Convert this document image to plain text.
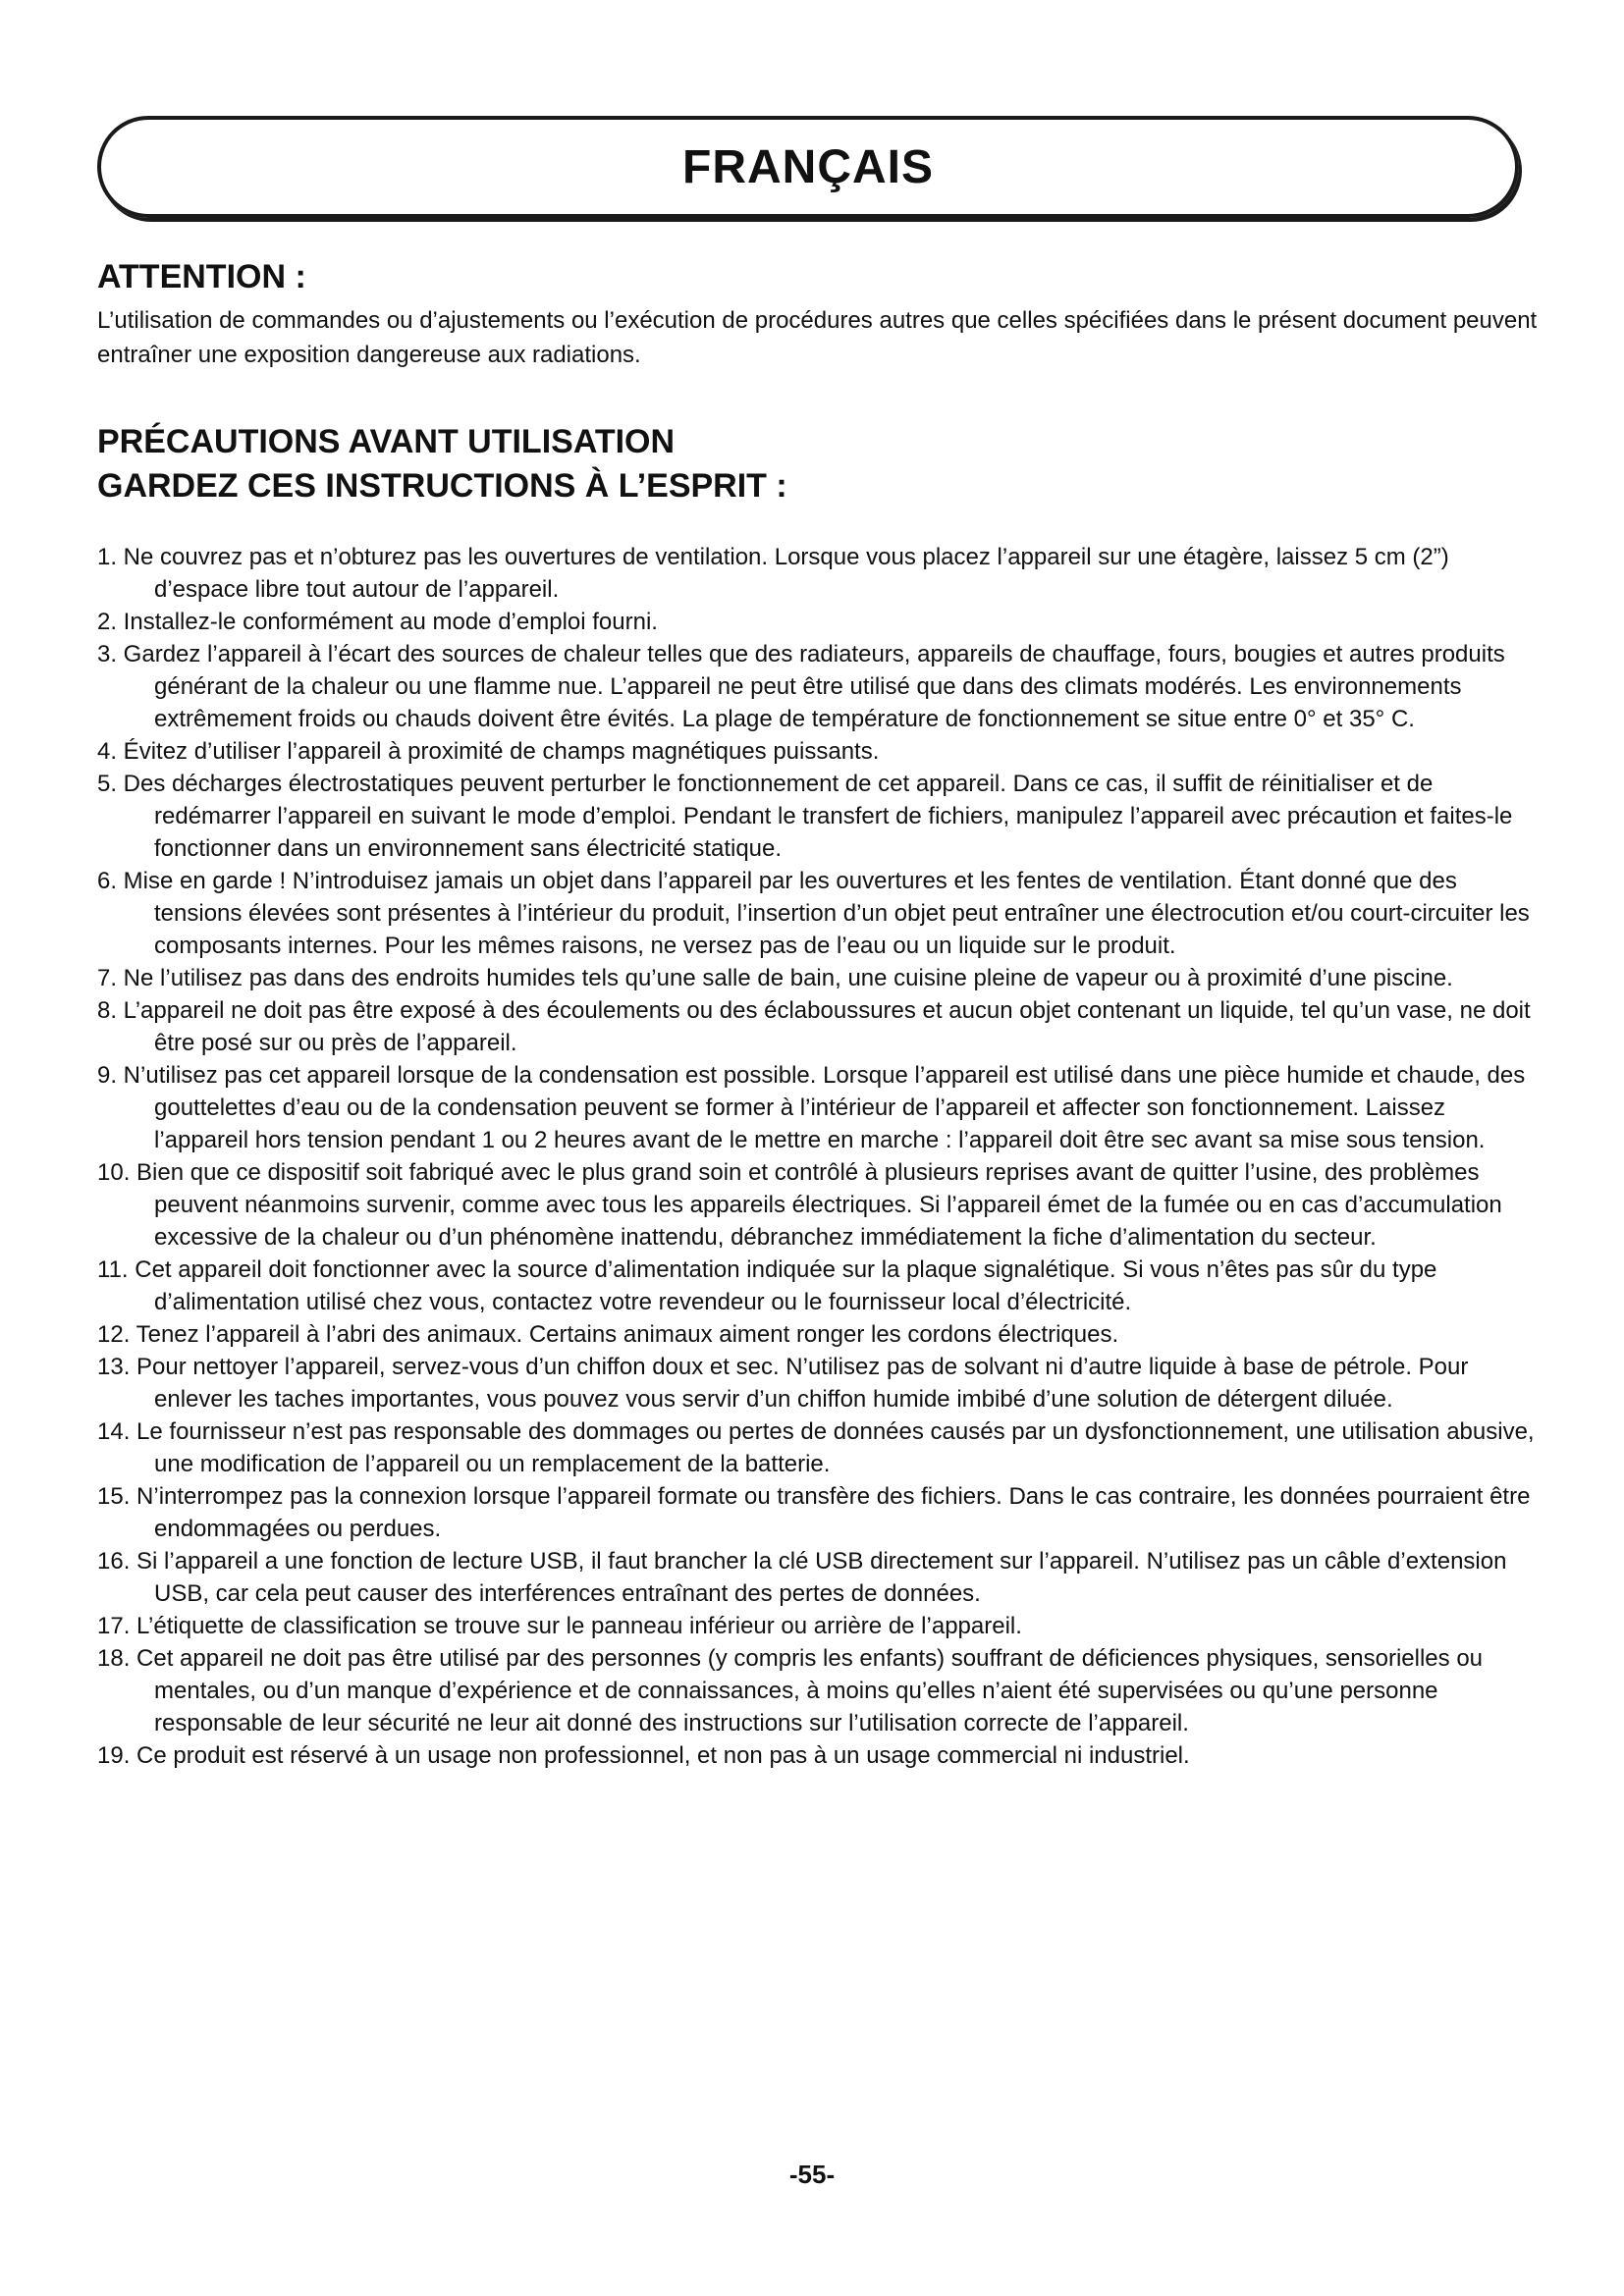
FRANÇAIS
ATTENTION :
L’utilisation de commandes ou d’ajustements ou l’exécution de procédures autres que celles spécifiées dans le présent document peuvent entraîner une exposition dangereuse aux radiations.
PRÉCAUTIONS AVANT UTILISATION
GARDEZ CES INSTRUCTIONS À L’ESPRIT :
1. Ne couvrez pas et n’obturez pas les ouvertures de ventilation. Lorsque vous placez l’appareil sur une étagère, laissez 5 cm (2”) d’espace libre tout autour de l’appareil.
2. Installez-le conformément au mode d’emploi fourni.
3. Gardez l’appareil à l’écart des sources de chaleur telles que des radiateurs, appareils de chauffage, fours, bougies et autres produits générant de la chaleur ou une flamme nue. L’appareil ne peut être utilisé que dans des climats modérés. Les environnements extrêmement froids ou chauds doivent être évités. La plage de température de fonctionnement se situe entre 0° et 35° C.
4. Évitez d’utiliser l’appareil à proximité de champs magnétiques puissants.
5. Des décharges électrostatiques peuvent perturber le fonctionnement de cet appareil. Dans ce cas, il suffit de réinitialiser et de redémarrer l’appareil en suivant le mode d’emploi. Pendant le transfert de fichiers, manipulez l’appareil avec précaution et faites-le fonctionner dans un environnement sans électricité statique.
6. Mise en garde ! N’introduisez jamais un objet dans l’appareil par les ouvertures et les fentes de ventilation. Étant donné que des tensions élevées sont présentes à l’intérieur du produit, l’insertion d’un objet peut entraîner une électrocution et/ou court-circuiter les composants internes. Pour les mêmes raisons, ne versez pas de l’eau ou un liquide sur le produit.
7. Ne l’utilisez pas dans des endroits humides tels qu’une salle de bain, une cuisine pleine de vapeur ou à proximité d’une piscine.
8. L’appareil ne doit pas être exposé à des écoulements ou des éclaboussures et aucun objet contenant un liquide, tel qu’un vase, ne doit être posé sur ou près de l’appareil.
9. N’utilisez pas cet appareil lorsque de la condensation est possible. Lorsque l’appareil est utilisé dans une pièce humide et chaude, des gouttelettes d’eau ou de la condensation peuvent se former à l’intérieur de l’appareil et affecter son fonctionnement. Laissez l’appareil hors tension pendant 1 ou 2 heures avant de le mettre en marche : l’appareil doit être sec avant sa mise sous tension.
10. Bien que ce dispositif soit fabriqué avec le plus grand soin et contrôlé à plusieurs reprises avant de quitter l’usine, des problèmes peuvent néanmoins survenir, comme avec tous les appareils électriques. Si l’appareil émet de la fumée ou en cas d’accumulation excessive de la chaleur ou d’un phénomène inattendu, débranchez immédiatement la fiche d’alimentation du secteur.
11. Cet appareil doit fonctionner avec la source d’alimentation indiquée sur la plaque signalétique. Si vous n’êtes pas sûr du type d’alimentation utilisé chez vous, contactez votre revendeur ou le fournisseur local d’électricité.
12. Tenez l’appareil à l’abri des animaux. Certains animaux aiment ronger les cordons électriques.
13. Pour nettoyer l’appareil, servez-vous d’un chiffon doux et sec. N’utilisez pas de solvant ni d’autre liquide à base de pétrole. Pour enlever les taches importantes, vous pouvez vous servir d’un chiffon humide imbibé d’une solution de détergent diluée.
14. Le fournisseur n’est pas responsable des dommages ou pertes de données causés par un dysfonctionnement, une utilisation abusive, une modification de l’appareil ou un remplacement de la batterie.
15. N’interrompez pas la connexion lorsque l’appareil formate ou transfère des fichiers. Dans le cas contraire, les données pourraient être endommagées ou perdues.
16. Si l’appareil a une fonction de lecture USB, il faut brancher la clé USB directement sur l’appareil. N’utilisez pas un câble d’extension USB, car cela peut causer des interférences entraînant des pertes de données.
17. L’étiquette de classification se trouve sur le panneau inférieur ou arrière de l’appareil.
18. Cet appareil ne doit pas être utilisé par des personnes (y compris les enfants) souffrant de déficiences physiques, sensorielles ou mentales, ou d’un manque d’expérience et de connaissances, à moins qu’elles n’aient été supervisées ou qu’une personne responsable de leur sécurité ne leur ait donné des instructions sur l’utilisation correcte de l’appareil.
19. Ce produit est réservé à un usage non professionnel, et non pas à un usage commercial ni industriel.
-55-
